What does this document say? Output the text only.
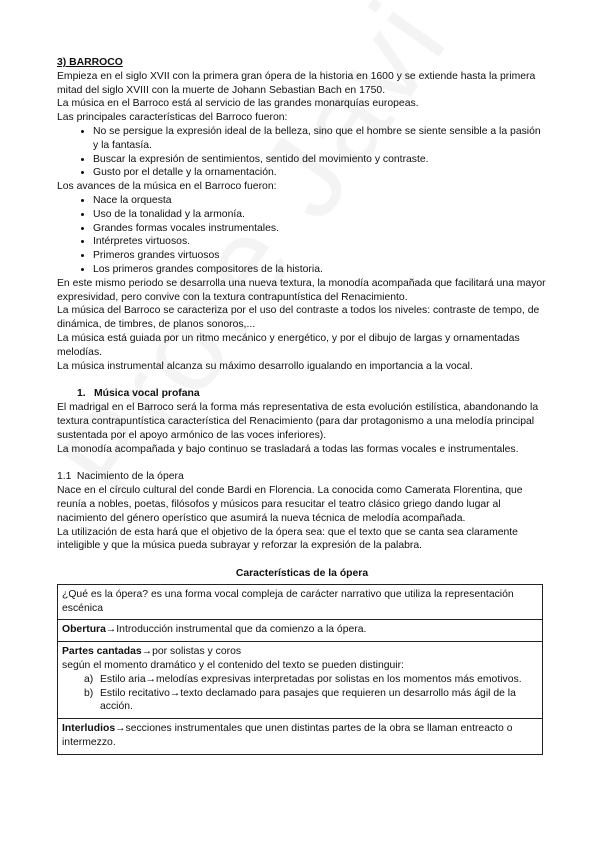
3) BARROCO

Empieza en el siglo XVII con la primera gran ópera de la historia en 1600 y se extiende hasta la primera mitad del siglo XVIII con la muerte de Johann Sebastian Bach en 1750.

La música en el Barroco está al servicio de las grandes monarquías europeas.

Las principales características del Barroco fueron:

• No se persigue la expresión ideal de la belleza, sino que el hombre se siente sensible a la pasión y la fantasía.
• Buscar la expresión de sentimientos, sentido del movimiento y contraste.
• Gusto por el detalle y la ornamentación.

Los avances de la música en el Barroco fueron:

• Nace la orquesta
• Uso de la tonalidad y la armonía.
• Grandes formas vocales instrumentales.
• Intérpretes virtuosos.
• Primeros grandes virtuosos
• Los primeros grandes compositores de la historia.

En este mismo periodo se desarrolla una nueva textura, la monodía acompañada que facilitará una mayor expresividad, pero convive con la textura contrapuntística del Renacimiento.

La música del Barroco se caracteriza por el uso del contraste a todos los niveles: contraste de tempo, de dinámica, de timbres, de planos sonoros,...

La música está guiada por un ritmo mecánico y energético, y por el dibujo de largas y ornamentadas melodías.

La música instrumental alcanza su máximo desarrollo igualando en importancia a la vocal.

1. Música vocal profana

El madrigal en el Barroco será la forma más representativa de esta evolución estilística, abandonando la textura contrapuntística característica del Renacimiento (para dar protagonismo a una melodía principal sustentada por el apoyo armónico de las voces inferiores).

La monodía acompañada y bajo continuo se trasladará a todas las formas vocales e instrumentales.

1.1 Nacimiento de la ópera

Nace en el círculo cultural del conde Bardi en Florencia. La conocida como Camerata Florentina, que reunía a nobles, poetas, filósofos y músicos para resucitar el teatro clásico griego dando lugar al nacimiento del género operístico que asumirá la nueva técnica de melodía acompañada.

La utilización de esta hará que el objetivo de la ópera sea: que el texto que se canta sea claramente inteligible y que la música pueda subrayar y reforzar la expresión de la palabra.

Características de la ópera

¿Qué es la ópera? es una forma vocal compleja de carácter narrativo que utiliza la representación escénica
Obertura→Introducción instrumental que da comienzo a la ópera.

Partes cantadas→por solistas y coros
según el momento dramático y el contenido del texto se pueden distinguir:
a) Estilo aria→melodías expresivas interpretadas por solistas en los momentos más emotivos.
b) Estilo recitativo→texto declamado para pasajes que requieren un desarrollo más ágil de la acción.

Interludios→secciones instrumentales que unen distintas partes de la obra se llaman entreacto o intermezzo.
